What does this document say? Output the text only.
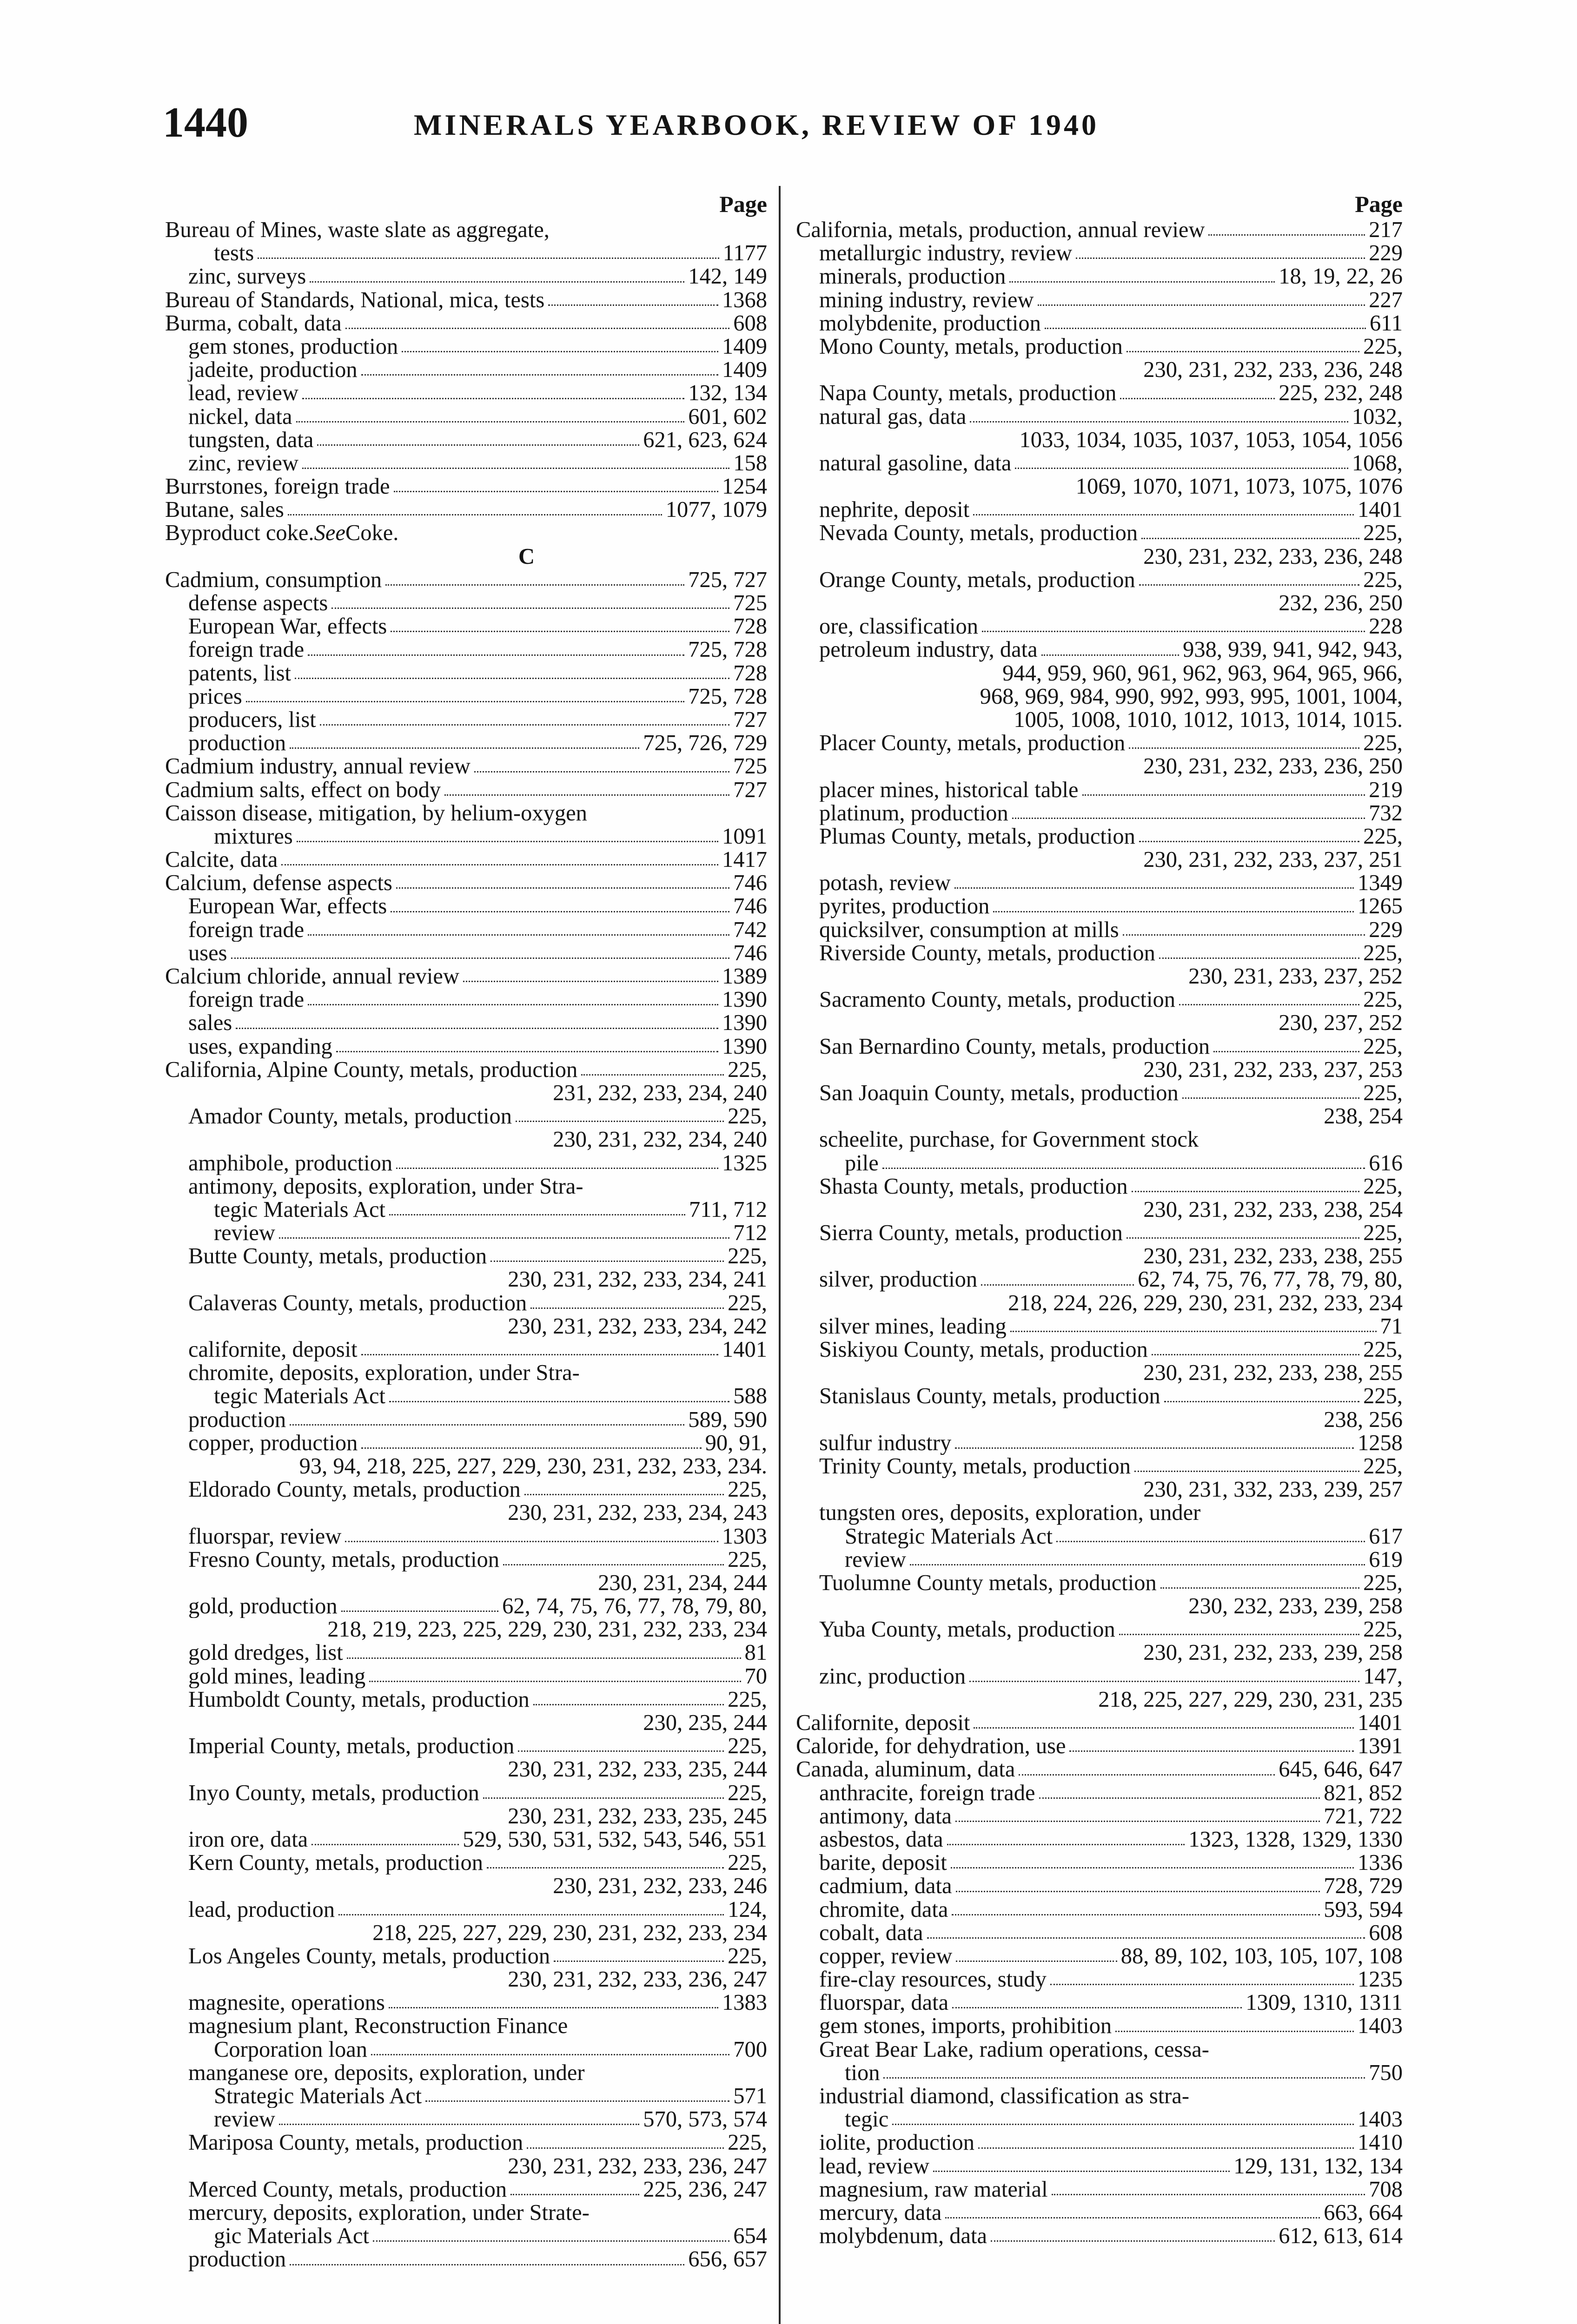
1440	MINERALS YEARBOOK, REVIEW OF 1940
Page
Bureau of Mines, waste slate as aggregate,
tests	1177
zinc, surveys	142, 149
Bureau of Standards, National, mica, tests	1368
Burma, cobalt, data	608
gem stones, production	1409
jadeite, production	1409
lead, review	132, 134
nickel, data	601, 602
tungsten, data	621, 623, 624
zinc, review	158
Burrstones, foreign trade	1254
Butane, sales	1077, 1079
Byproduct coke. See Coke.
C
Cadmium, consumption	725, 727
defense aspects	725
European War, effects	728
foreign trade	725, 728
patents, list	728
prices	725, 728
producers, list	727
production	725, 726, 729
Cadmium industry, annual review	725
Cadmium salts, effect on body	727
Caisson disease, mitigation, by helium-oxygen
mixtures	1091
Calcite, data	1417
Calcium, defense aspects	746
European War, effects	746
foreign trade	742
uses	746
Calcium chloride, annual review	1389
foreign trade	1390
sales	1390
uses, expanding	1390
California, Alpine County, metals, production	225,
231, 232, 233, 234, 240
Amador County, metals, production	225,
230, 231, 232, 234, 240
amphibole, production	1325
antimony, deposits, exploration, under Stra-
tegic Materials Act	711, 712
review	712
Butte County, metals, production	225,
230, 231, 232, 233, 234, 241
Calaveras County, metals, production	225,
230, 231, 232, 233, 234, 242
californite, deposit	1401
chromite, deposits, exploration, under Stra-
tegic Materials Act	588
production	589, 590
copper, production	90, 91,
93, 94, 218, 225, 227, 229, 230, 231, 232, 233, 234.
Eldorado County, metals, production	225,
230, 231, 232, 233, 234, 243
fluorspar, review	1303
Fresno County, metals, production	225,
230, 231, 234, 244
gold, production	62, 74, 75, 76, 77, 78, 79, 80,
218, 219, 223, 225, 229, 230, 231, 232, 233, 234
gold dredges, list	81
gold mines, leading	70
Humboldt County, metals, production	225,
230, 235, 244
Imperial County, metals, production	225,
230, 231, 232, 233, 235, 244
Inyo County, metals, production	225,
230, 231, 232, 233, 235, 245
iron ore, data	529, 530, 531, 532, 543, 546, 551
Kern County, metals, production	225,
230, 231, 232, 233, 246
lead, production	124,
218, 225, 227, 229, 230, 231, 232, 233, 234
Los Angeles County, metals, production	225,
230, 231, 232, 233, 236, 247
magnesite, operations	1383
magnesium plant, Reconstruction Finance
Corporation loan	700
manganese ore, deposits, exploration, under
Strategic Materials Act	571
review	570, 573, 574
Mariposa County, metals, production	225,
230, 231, 232, 233, 236, 247
Merced County, metals, production	225, 236, 247
mercury, deposits, exploration, under Strate-
gic Materials Act	654
production	656, 657
Page
California, metals, production, annual review	217
metallurgic industry, review	229
minerals, production	18, 19, 22, 26
mining industry, review	227
molybdenite, production	611
Mono County, metals, production	225,
230, 231, 232, 233, 236, 248
Napa County, metals, production	225, 232, 248
natural gas, data	1032,
1033, 1034, 1035, 1037, 1053, 1054, 1056
natural gasoline, data	1068,
1069, 1070, 1071, 1073, 1075, 1076
nephrite, deposit	1401
Nevada County, metals, production	225,
230, 231, 232, 233, 236, 248
Orange County, metals, production	225,
232, 236, 250
ore, classification	228
petroleum industry, data	938, 939, 941, 942, 943,
944, 959, 960, 961, 962, 963, 964, 965, 966,
968, 969, 984, 990, 992, 993, 995, 1001, 1004,
1005, 1008, 1010, 1012, 1013, 1014, 1015.
Placer County, metals, production	225,
230, 231, 232, 233, 236, 250
placer mines, historical table	219
platinum, production	732
Plumas County, metals, production	225,
230, 231, 232, 233, 237, 251
potash, review	1349
pyrites, production	1265
quicksilver, consumption at mills	229
Riverside County, metals, production	225,
230, 231, 233, 237, 252
Sacramento County, metals, production	225,
230, 237, 252
San Bernardino County, metals, production	225,
230, 231, 232, 233, 237, 253
San Joaquin County, metals, production	225,
238, 254
scheelite, purchase, for Government stock
pile	616
Shasta County, metals, production	225,
230, 231, 232, 233, 238, 254
Sierra County, metals, production	225,
230, 231, 232, 233, 238, 255
silver, production	62, 74, 75, 76, 77, 78, 79, 80,
218, 224, 226, 229, 230, 231, 232, 233, 234
silver mines, leading	71
Siskiyou County, metals, production	225,
230, 231, 232, 233, 238, 255
Stanislaus County, metals, production	225,
238, 256
sulfur industry	1258
Trinity County, metals, production	225,
230, 231, 332, 233, 239, 257
tungsten ores, deposits, exploration, under
Strategic Materials Act	617
review	619
Tuolumne County metals, production	225,
230, 232, 233, 239, 258
Yuba County, metals, production	225,
230, 231, 232, 233, 239, 258
zinc, production	147,
218, 225, 227, 229, 230, 231, 235
Californite, deposit	1401
Caloride, for dehydration, use	1391
Canada, aluminum, data	645, 646, 647
anthracite, foreign trade	821, 852
antimony, data	721, 722
asbestos, data	1323, 1328, 1329, 1330
barite, deposit	1336
cadmium, data	728, 729
chromite, data	593, 594
cobalt, data	608
copper, review	88, 89, 102, 103, 105, 107, 108
fire-clay resources, study	1235
fluorspar, data	1309, 1310, 1311
gem stones, imports, prohibition	1403
Great Bear Lake, radium operations, cessa-
tion	750
industrial diamond, classification as stra-
tegic	1403
iolite, production	1410
lead, review	129, 131, 132, 134
magnesium, raw material	708
mercury, data	663, 664
molybdenum, data	612, 613, 614
